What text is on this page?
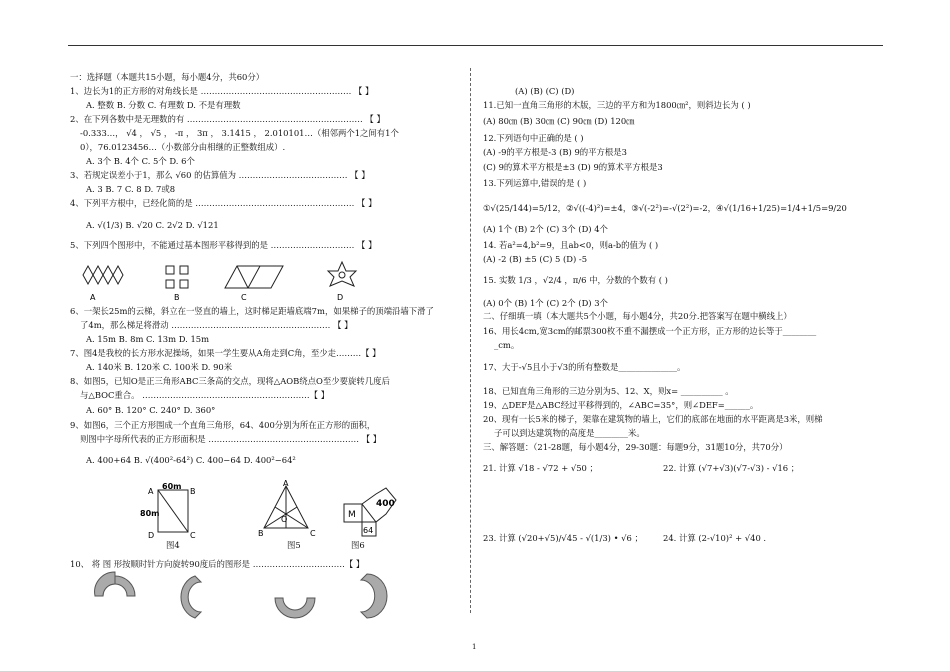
一：选择题（本题共15小题，每小题4分，共60分）
1、边长为1的正方形的对角线长是 ……………………………………………… 【 】
A. 整数 B. 分数 C. 有理数 D. 不是有理数
2、在下列各数中是无理数的有 ……………………………………………………… 【 】
-0.333…， √4 ， √5 ， -π ， 3π ， 3.1415 ， 2.010101…（相邻两个1之间有1个
0），76.0123456…（小数部分由相继的正整数组成）.
A. 3个 B. 4个 C. 5个 D. 6个
3、若规定误差小于1，那么 √60 的估算值为 ………………………………… 【 】
A. 3 B. 7 C. 8 D. 7或8
4、下列平方根中，已经化简的是 ………………………………………………… 【 】
A. √(1/3) B. √20 C. 2√2 D. √121
5、下列四个图形中，不能通过基本图形平移得到的是 ………………………… 【 】
6、一架长25m的云梯，斜立在一竖直的墙上，这时梯足距墙底端7m，如果梯子的顶端沿墙下滑了
了4m，那么梯足将滑动 ………………………………………………… 【 】
A. 15m B. 8m C. 13m D. 15m
7、图4是我校的长方形水泥操场，如果一学生要从A角走到C角，至少走………【 】
A. 140米 B. 120米 C. 100米 D. 90米
8、如图5，已知O是正三角形ABC三条高的交点，现将△AOB绕点O至少要旋转几度后
与△BOC重合。 ……………………………………………………【 】
A. 60° B. 120° C. 240° D. 360°
9、如图6，三个正方形围成一个直角三角形，64、400分别为所在正方形的面积，
则图中字母所代表的正方形面积是 ……………………………………………… 【 】
A. 400+64 B. √(400²-64²) C. 400−64 D. 400²−64²
图4	图5	图6
10、 将 图 形按顺时针方向旋转90度后的图形是 ……………………………【 】
(A) (B) (C) (D)
11.已知一直角三角形的木版，三边的平方和为1800㎝²，则斜边长为 ( )
(A) 80㎝ (B) 30㎝ (C) 90㎝ (D) 120㎝
12.下列语句中正确的是 ( )
(A) -9的平方根是-3 (B) 9的平方根是3
(C) 9的算术平方根是±3 (D) 9的算术平方根是3
13.下列运算中,错误的是 ( )
①√(25/144)=5/12，②√((-4)²)=±4，③√(-2²)=-√(2²)=-2，④√(1/16+1/25)=1/4+1/5=9/20
(A) 1个 (B) 2个 (C) 3个 (D) 4个
14. 若a²=4,b²=9，且ab<0，则a-b的值为 ( )
(A) -2 (B) ±5 (C) 5 (D) -5
15. 实数 1/3 ，√2/4 ，π/6 中，分数的个数有 ( )
(A) 0个 (B) 1个 (C) 2个 (D) 3个
二、仔细填一填（本大题共5个小题，每小题4分，共20分.把答案写在题中横线上）
16、用长4cm,宽3cm的邮票300枚不重不漏摆成一个正方形，正方形的边长等于________
_cm。
17、大于-√5且小于√3的所有整数是______________。
18、已知直角三角形的三边分别为5、12、X，则x= __________ 。
19、△DEF是△ABC经过平移得到的，∠ABC=35°，则∠DEF=______。
20、现有一长5米的梯子，架靠在建筑物的墙上，它们的底部在地面的水平距离是3米，则梯
子可以到达建筑物的高度是________米。
三、解答题：（21-28题，每小题4分，29-30题：每题9分，31题10分，共70分）
21. 计算 √18 - √72 + √50 ；	22. 计算 (√7+√3)(√7-√3) - √16 ；
23. 计算 (√20+√5)/√45 - √(1/3) • √6 ； 24. 计算 (2-√10)² + √40 .
A	B	C	D
A	B
C
D
60m
80m
A
B	C
O	M
400
64
1
